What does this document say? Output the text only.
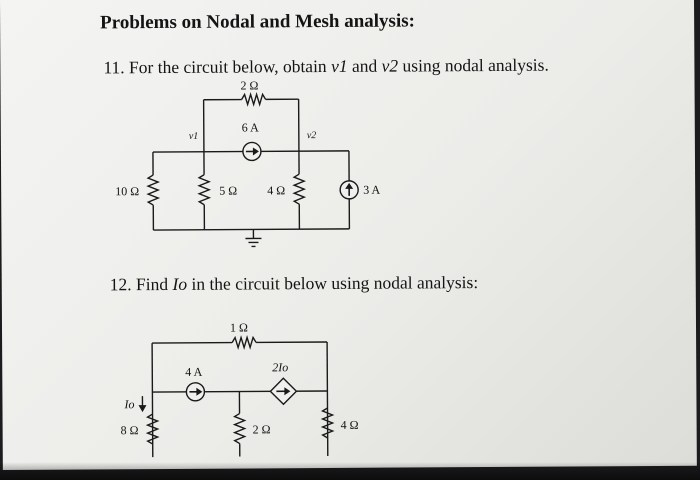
Problems on Nodal and Mesh analysis:
11. For the circuit below, obtain v1 and v2 using nodal analysis.
2 Ω
6 A
v1	v2
10 Ω	5 Ω 4 Ω	3 A
12. Find Io in the circuit below using nodal analysis:
1 Ω
4 A	2Io
Io
8 Ω	2 Ω	4 Ω
